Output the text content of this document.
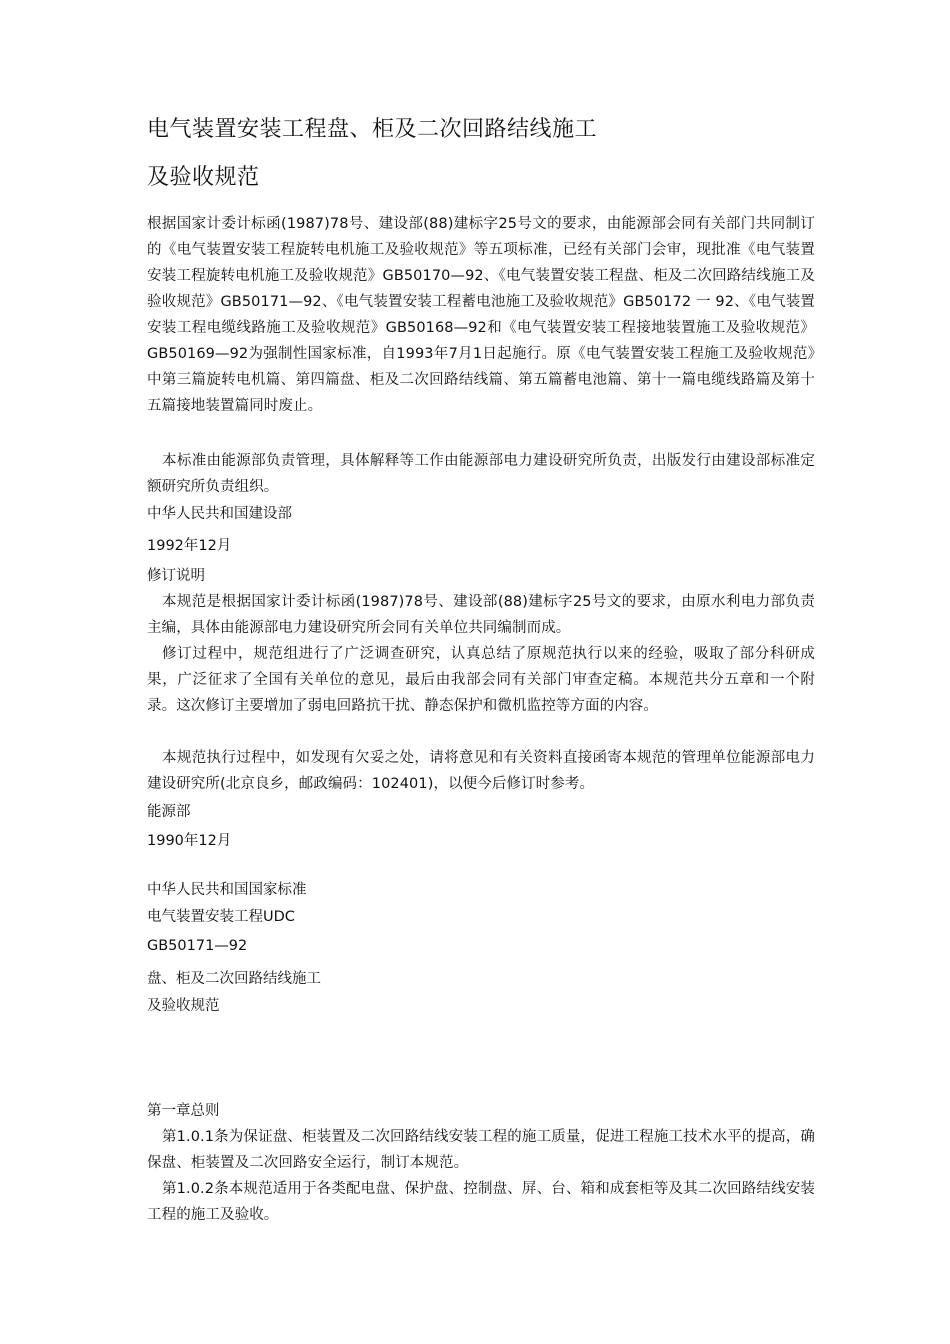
电气装置安装工程盘、柜及二次回路结线施工

及验收规范

根据国家计委计标函(1987)78号、建设部(88)建标字25号文的要求，由能源部会同有关部门共同制订的《电气装置安装工程旋转电机施工及验收规范》等五项标准，已经有关部门会审，现批准《电气装置安装工程旋转电机施工及验收规范》GB50170—92、《电气装置安装工程盘、柜及二次回路结线施工及验收规范》GB50171—92、《电气装置安装工程蓄电池施工及验收规范》GB50172 一 92、《电气装置安装工程电缆线路施工及验收规范》GB50168—92和《电气装置安装工程接地装置施工及验收规范》GB50169—92为强制性国家标准，自1993年7月1日起施行。原《电气装置安装工程施工及验收规范》中第三篇旋转电机篇、第四篇盘、柜及二次回路结线篇、第五篇蓄电池篇、第十一篇电缆线路篇及第十五篇接地装置篇同时废止。

本标准由能源部负责管理，具体解释等工作由能源部电力建设研究所负责，出版发行由建设部标准定额研究所负责组织。

中华人民共和国建设部

1992年12月

修订说明

本规范是根据国家计委计标函(1987)78号、建设部(88)建标字25号文的要求，由原水利电力部负责主编，具体由能源部电力建设研究所会同有关单位共同编制而成。

修订过程中，规范组进行了广泛调查研究，认真总结了原规范执行以来的经验，吸取了部分科研成果，广泛征求了全国有关单位的意见，最后由我部会同有关部门审查定稿。本规范共分五章和一个附录。这次修订主要增加了弱电回路抗干扰、静态保护和微机监控等方面的内容。

本规范执行过程中，如发现有欠妥之处，请将意见和有关资料直接函寄本规范的管理单位能源部电力建设研究所(北京良乡，邮政编码：102401)，以便今后修订时参考。

能源部

1990年12月

中华人民共和国国家标准

电气装置安装工程UDC

GB50171—92

盘、柜及二次回路结线施工

及验收规范

第一章总则

第1.0.1条为保证盘、柜装置及二次回路结线安装工程的施工质量，促进工程施工技术水平的提高，确保盘、柜装置及二次回路安全运行，制订本规范。

第1.0.2条本规范适用于各类配电盘、保护盘、控制盘、屏、台、箱和成套柜等及其二次回路结线安装工程的施工及验收。
